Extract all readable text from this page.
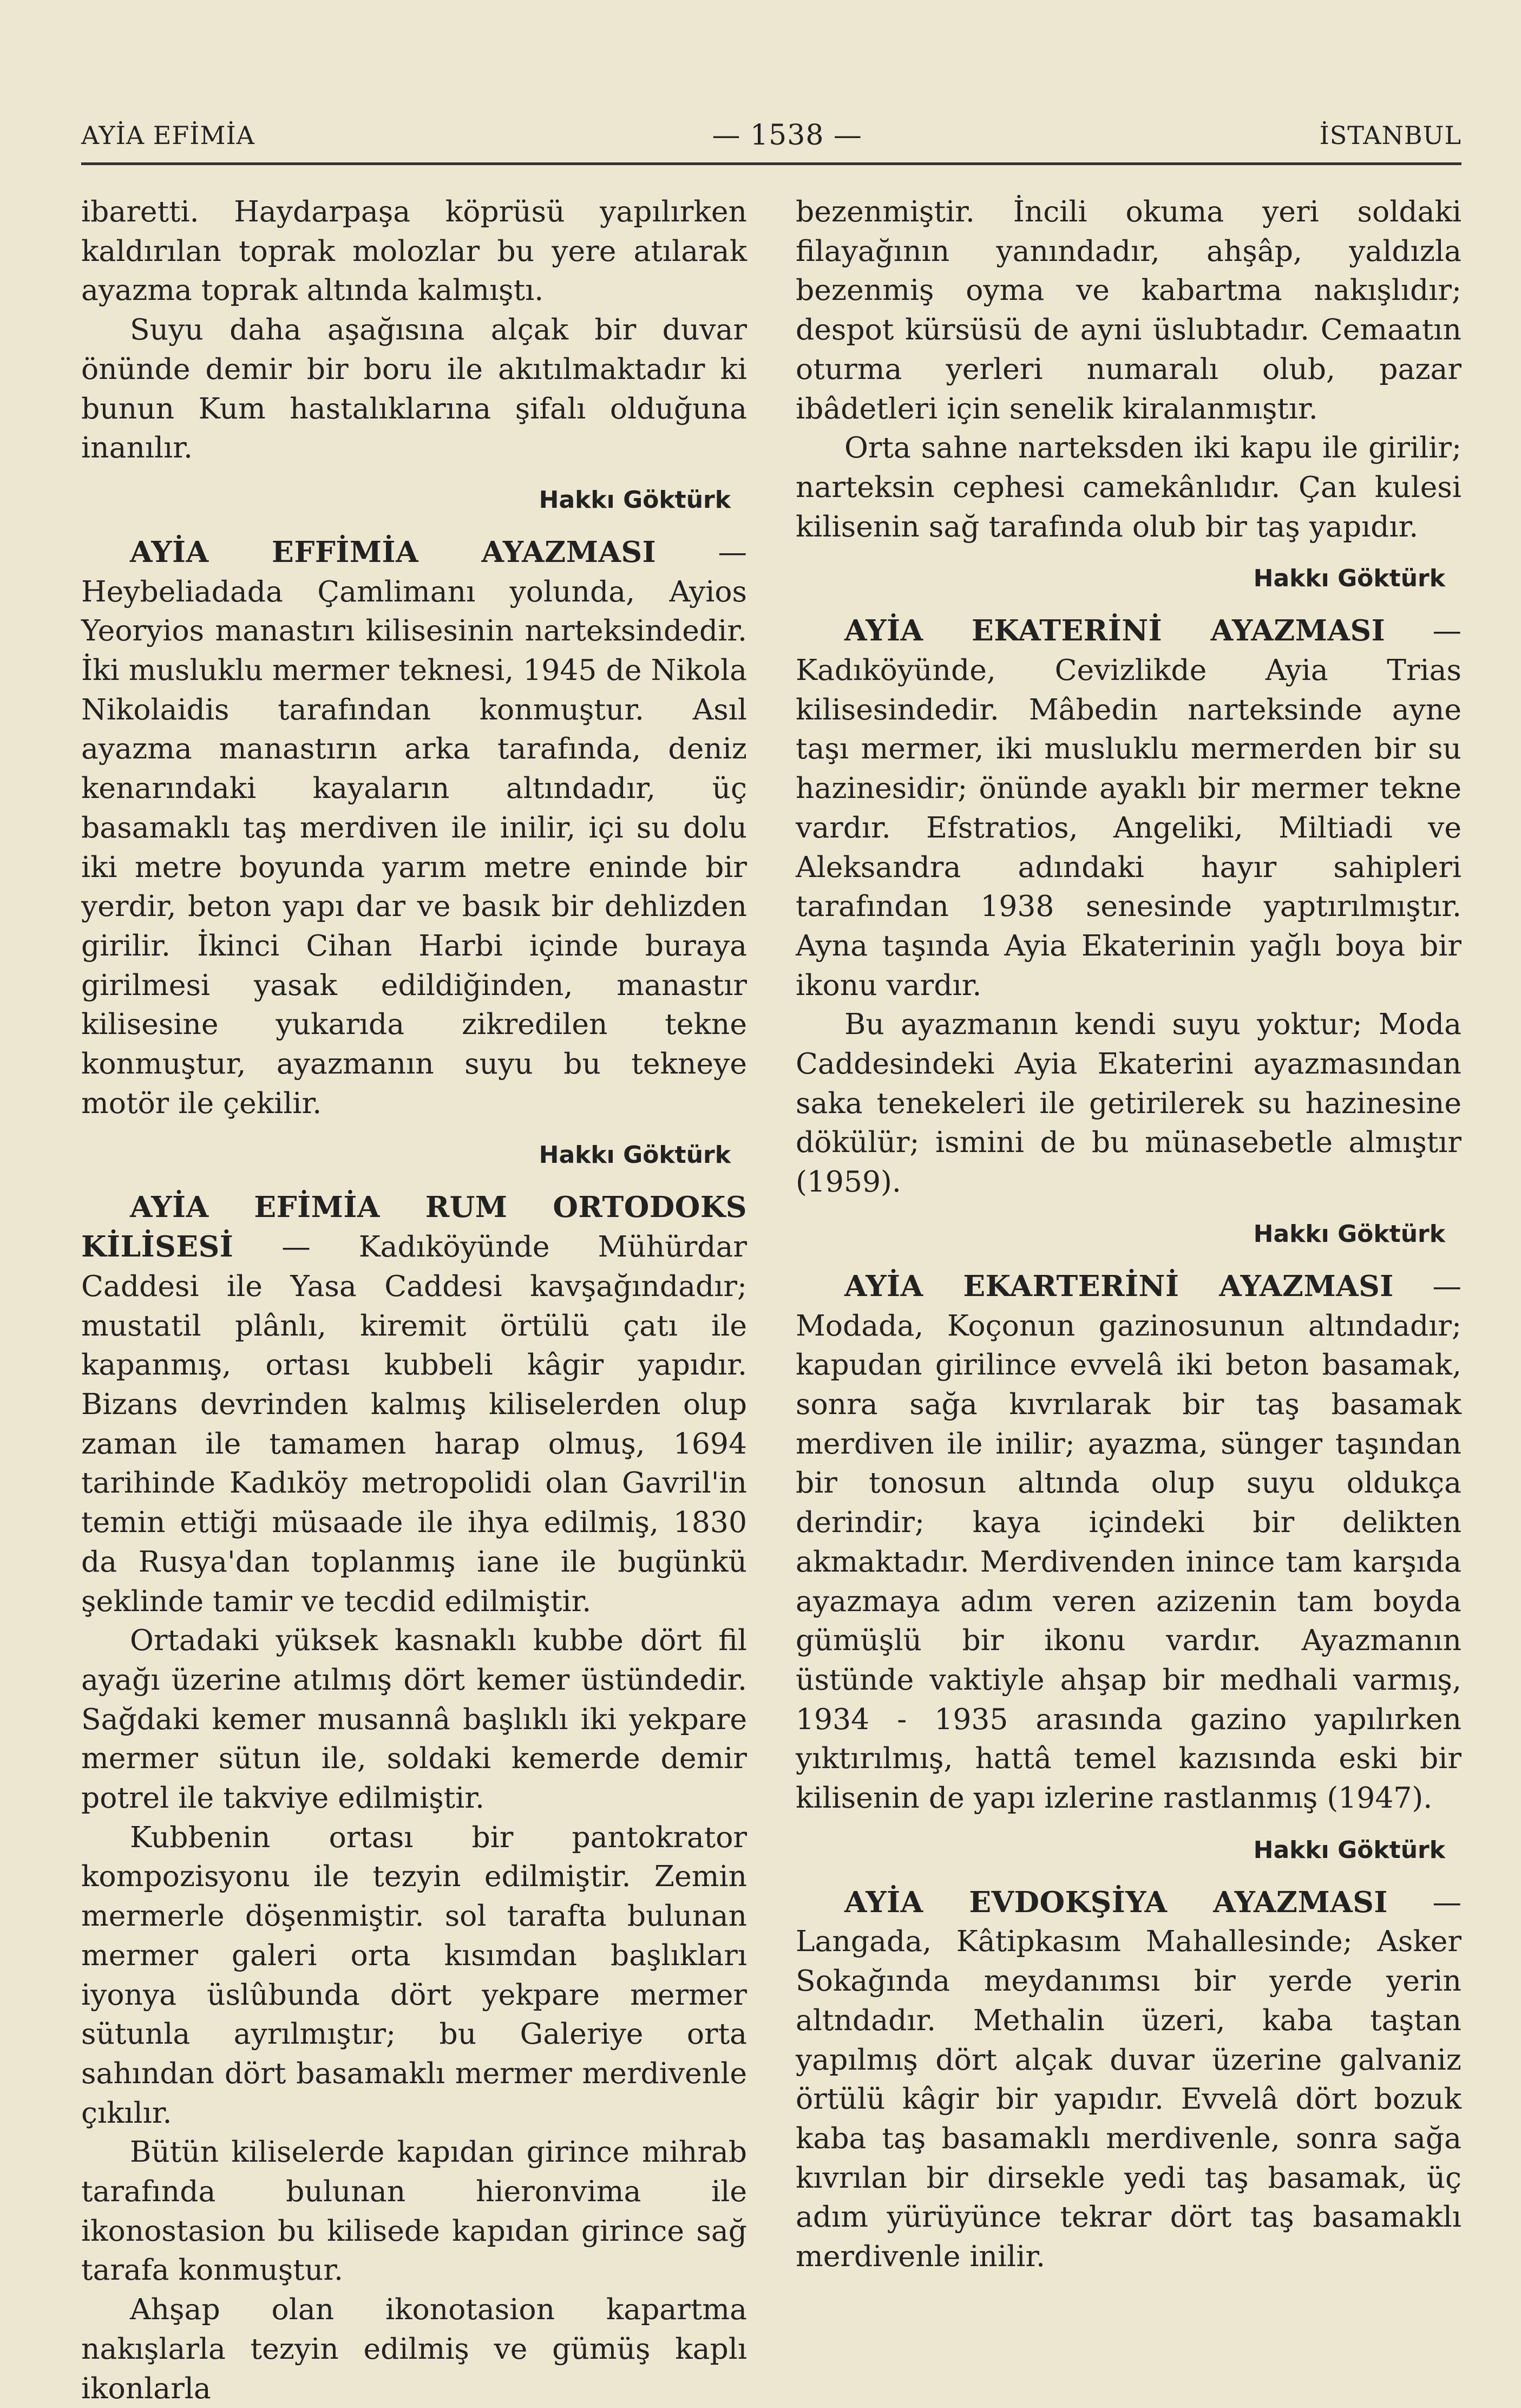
AYİA EFİMİA	— 1538 —	İSTANBUL

ibaretti. Haydarpaşa köprüsü yapılırken kaldırılan toprak molozlar bu yere atılarak ayazma toprak altında kalmıştı.

Suyu daha aşağısına alçak bir duvar önünde demir bir boru ile akıtılmaktadır ki bunun Kum hastalıklarına şifalı olduğuna inanılır.

Hakkı Göktürk

AYİA EFFİMİA AYAZMASI — Heybeliadada Çamlimanı yolunda, Ayios Yeoryios manastırı kilisesinin narteksindedir. İki musluklu mermer teknesi, 1945 de Nikola Nikolaidis tarafından konmuştur. Asıl ayazma manastırın arka tarafında, deniz kenarındaki kayaların altındadır, üç basamaklı taş merdiven ile inilir, içi su dolu iki metre boyunda yarım metre eninde bir yerdir, beton yapı dar ve basık bir dehlizden girilir. İkinci Cihan Harbi içinde buraya girilmesi yasak edildiğinden, manastır kilisesine yukarıda zikredilen tekne konmuştur, ayazmanın suyu bu tekneye motör ile çekilir.

Hakkı Göktürk

AYİA EFİMİA RUM ORTODOKS KİLİSESİ — Kadıköyünde Mühürdar Caddesi ile Yasa Caddesi kavşağındadır; mustatil plânlı, kiremit örtülü çatı ile kapanmış, ortası kubbeli kâgir yapıdır. Bizans devrinden kalmış kiliselerden olup zaman ile tamamen harap olmuş, 1694 tarihinde Kadıköy metropolidi olan Gavril'in temin ettiği müsaade ile ihya edilmiş, 1830 da Rusya'dan toplanmış iane ile bugünkü şeklinde tamir ve tecdid edilmiştir.

Ortadaki yüksek kasnaklı kubbe dört fil ayağı üzerine atılmış dört kemer üstündedir. Sağdaki kemer musannâ başlıklı iki yekpare mermer sütun ile, soldaki kemerde demir potrel ile takviye edilmiştir.

Kubbenin ortası bir pantokrator kompozisyonu ile tezyin edilmiştir. Zemin mermerle döşenmiştir. sol tarafta bulunan mermer galeri orta kısımdan başlıkları iyonya üslûbunda dört yekpare mermer sütunla ayrılmıştır; bu Galeriye orta sahından dört basamaklı mermer merdivenle çıkılır.

Bütün kiliselerde kapıdan girince mihrab tarafında bulunan hieronvima ile ikonostasion bu kilisede kapıdan girince sağ tarafa konmuştur.

Ahşap olan ikonotasion kapartma nakışlarla tezyin edilmiş ve gümüş kaplı ikonlarla

bezenmiştir. İncili okuma yeri soldaki filayağının yanındadır, ahşâp, yaldızla bezenmiş oyma ve kabartma nakışlıdır; despot kürsüsü de ayni üslubtadır. Cemaatın oturma yerleri numaralı olub, pazar ibâdetleri için senelik kiralanmıştır.

Orta sahne narteksden iki kapu ile girilir; narteksin cephesi camekânlıdır. Çan kulesi kilisenin sağ tarafında olub bir taş yapıdır.

Hakkı Göktürk

AYİA EKATERİNİ AYAZMASI — Kadıköyünde, Cevizlikde Ayia Trias kilisesindedir. Mâbedin narteksinde ayne taşı mermer, iki musluklu mermerden bir su hazinesidir; önünde ayaklı bir mermer tekne vardır. Efstratios, Angeliki, Miltiadi ve Aleksandra adındaki hayır sahipleri tarafından 1938 senesinde yaptırılmıştır. Ayna taşında Ayia Ekaterinin yağlı boya bir ikonu vardır.

Bu ayazmanın kendi suyu yoktur; Moda Caddesindeki Ayia Ekaterini ayazmasından saka tenekeleri ile getirilerek su hazinesine dökülür; ismini de bu münasebetle almıştır (1959).

Hakkı Göktürk

AYİA EKARTERİNİ AYAZMASI — Modada, Koçonun gazinosunun altındadır; kapudan girilince evvelâ iki beton basamak, sonra sağa kıvrılarak bir taş basamak merdiven ile inilir; ayazma, sünger taşından bir tonosun altında olup suyu oldukça derindir; kaya içindeki bir delikten akmaktadır. Merdivenden inince tam karşıda ayazmaya adım veren azizenin tam boyda gümüşlü bir ikonu vardır. Ayazmanın üstünde vaktiyle ahşap bir medhali varmış, 1934 - 1935 arasında gazino yapılırken yıktırılmış, hattâ temel kazısında eski bir kilisenin de yapı izlerine rastlanmış (1947).

Hakkı Göktürk

AYİA EVDOKŞİYA AYAZMASI — Langada, Kâtipkasım Mahallesinde; Asker Sokağında meydanımsı bir yerde yerin altndadır. Methalin üzeri, kaba taştan yapılmış dört alçak duvar üzerine galvaniz örtülü kâgir bir yapıdır. Evvelâ dört bozuk kaba taş basamaklı merdivenle, sonra sağa kıvrılan bir dirsekle yedi taş basamak, üç adım yürüyünce tekrar dört taş basamaklı merdivenle inilir.
